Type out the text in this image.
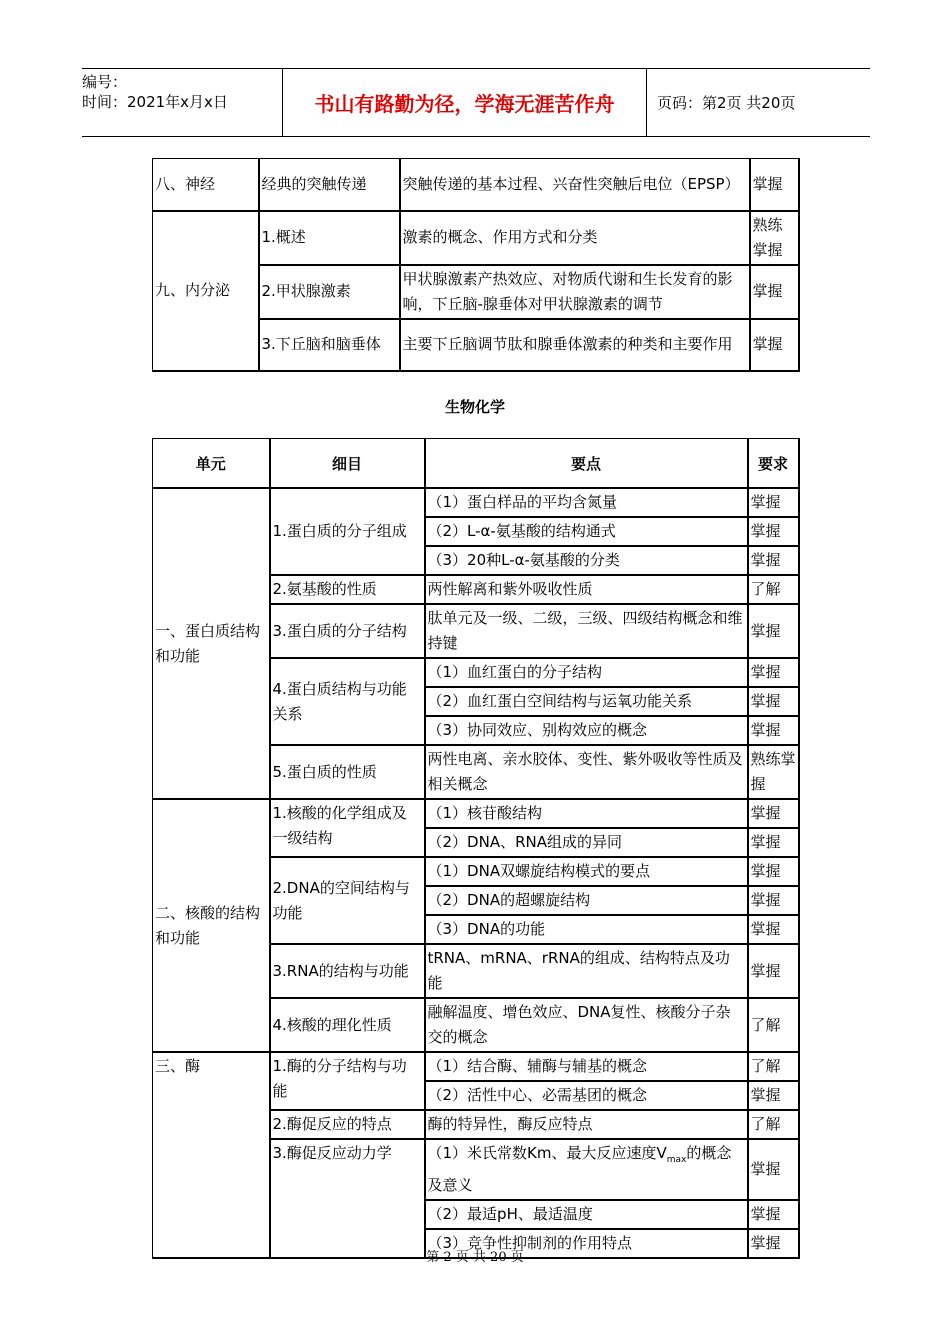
编号：
时间：2021年x月x日	书山有路勤为径，学海无涯苦作舟	页码：第2页 共20页
八、神经	经典的突触传递	突触传递的基本过程、兴奋性突触后电位（EPSP）	掌握
九、内分泌	1.概述	激素的概念、作用方式和分类	熟练掌握
	2.甲状腺激素	甲状腺激素产热效应、对物质代谢和生长发育的影响，下丘脑-腺垂体对甲状腺激素的调节	掌握
	3.下丘脑和脑垂体	主要下丘脑调节肽和腺垂体激素的种类和主要作用	掌握
生物化学
单元	细目	要点	要求
一、蛋白质结构和功能	1.蛋白质的分子组成	（1）蛋白样品的平均含氮量	掌握
		（2）L-α-氨基酸的结构通式	掌握
		（3）20种L-α-氨基酸的分类	掌握
	2.氨基酸的性质	两性解离和紫外吸收性质	了解
	3.蛋白质的分子结构	肽单元及一级、二级，三级、四级结构概念和维持键	掌握
	4.蛋白质结构与功能关系	（1）血红蛋白的分子结构	掌握
		（2）血红蛋白空间结构与运氧功能关系	掌握
		（3）协同效应、别构效应的概念	掌握
	5.蛋白质的性质	两性电离、亲水胶体、变性、紫外吸收等性质及相关概念	熟练掌握
二、核酸的结构和功能	1.核酸的化学组成及一级结构	（1）核苷酸结构	掌握
		（2）DNA、RNA组成的异同	掌握
	2.DNA的空间结构与功能	（1）DNA双螺旋结构模式的要点	掌握
		（2）DNA的超螺旋结构	掌握
		（3）DNA的功能	掌握
	3.RNA的结构与功能	tRNA、mRNA、rRNA的组成、结构特点及功能	掌握
	4.核酸的理化性质	融解温度、增色效应、DNA复性、核酸分子杂交的概念	了解
三、酶	1.酶的分子结构与功能	（1）结合酶、辅酶与辅基的概念	了解
		（2）活性中心、必需基团的概念	掌握
	2.酶促反应的特点	酶的特异性，酶反应特点	了解
	3.酶促反应动力学	（1）米氏常数Km、最大反应速度$V_{max}$的概念及意义	掌握
		（2）最适pH、最适温度	掌握
		（3）竞争性抑制剂的作用特点	掌握
第 2 页 共 20 页
